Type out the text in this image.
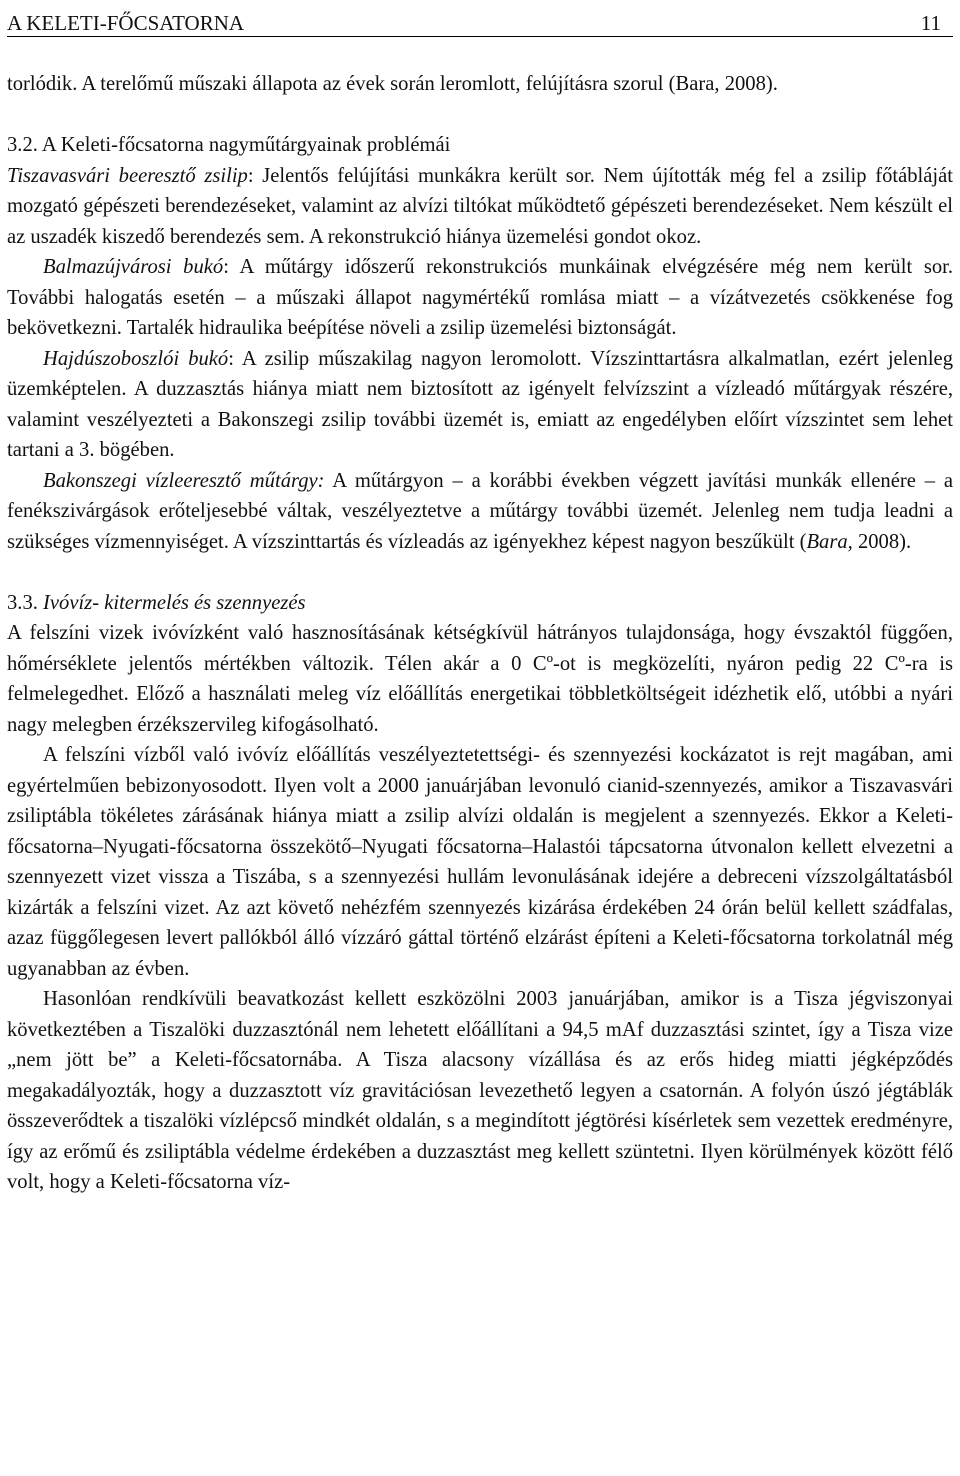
A KELETI-FŐCSATORNA	11

torlódik. A terelőmű műszaki állapota az évek során leromlott, felújításra szorul (Bara, 2008).

3.2. A Keleti-főcsatorna nagyműtárgyainak problémái

Tiszavasvári beeresztő zsilip: Jelentős felújítási munkákra került sor. Nem újították még fel a zsilip főtábláját mozgató gépészeti berendezéseket, valamint az alvízi tiltókat működtető gépészeti berendezéseket. Nem készült el az uszadék kiszedő berendezés sem. A rekonstrukció hiánya üzemelési gondot okoz.

Balmazújvárosi bukó: A műtárgy időszerű rekonstrukciós munkáinak elvégzésére még nem került sor. További halogatás esetén – a műszaki állapot nagymértékű romlása miatt – a vízátvezetés csökkenése fog bekövetkezni. Tartalék hidraulika beépítése növeli a zsilip üzemelési biztonságát.

Hajdúszoboszlói bukó: A zsilip műszakilag nagyon leromolott. Vízszinttartásra alkalmatlan, ezért jelenleg üzemképtelen. A duzzasztás hiánya miatt nem biztosított az igényelt felvízszint a vízleadó műtárgyak részére, valamint veszélyezteti a Bakonszegi zsilip további üzemét is, emiatt az engedélyben előírt vízszintet sem lehet tartani a 3. bögében.

Bakonszegi vízleeresztő műtárgy: A műtárgyon – a korábbi években végzett javítási munkák ellenére – a fenékszivárgások erőteljesebbé váltak, veszélyeztetve a műtárgy további üzemét. Jelenleg nem tudja leadni a szükséges vízmennyiséget. A vízszinttartás és vízleadás az igényekhez képest nagyon beszűkült (Bara, 2008).

3.3. Ivóvíz- kitermelés és szennyezés

A felszíni vizek ivóvízként való hasznosításának kétségkívül hátrányos tulajdonsága, hogy évszaktól függően, hőmérséklete jelentős mértékben változik. Télen akár a 0 Cº-ot is megközelíti, nyáron pedig 22 Cº-ra is felmelegedhet. Előző a használati meleg víz előállítás energetikai többletköltségeit idézhetik elő, utóbbi a nyári nagy melegben érzékszervileg kifogásolható.

A felszíni vízből való ivóvíz előállítás veszélyeztetettségi- és szennyezési kockázatot is rejt magában, ami egyértelműen bebizonyosodott. Ilyen volt a 2000 januárjában levonuló cianid-szennyezés, amikor a Tiszavasvári zsiliptábla tökéletes zárásának hiánya miatt a zsilip alvízi oldalán is megjelent a szennyezés. Ekkor a Keleti-főcsatorna–Nyugati-főcsatorna összekötő–Nyugati főcsatorna–Halastói tápcsatorna útvonalon kellett elvezetni a szennyezett vizet vissza a Tiszába, s a szennyezési hullám levonulásának idejére a debreceni vízszolgáltatásból kizárták a felszíni vizet. Az azt követő nehézfém szennyezés kizárása érdekében 24 órán belül kellett szádfalas, azaz függőlegesen levert pallókból álló vízzáró gáttal történő elzárást építeni a Keleti-főcsatorna torkolatnál még ugyanabban az évben.

Hasonlóan rendkívüli beavatkozást kellett eszközölni 2003 januárjában, amikor is a Tisza jégviszonyai következtében a Tiszalöki duzzasztónál nem lehetett előállítani a 94,5 mAf duzzasztási szintet, így a Tisza vize „nem jött be” a Keleti-főcsatornába. A Tisza alacsony vízállása és az erős hideg miatti jégképződés megakadályozták, hogy a duzzasztott víz gravitációsan levezethető legyen a csatornán. A folyón úszó jégtáblák összeverődtek a tiszalöki vízlépcső mindkét oldalán, s a megindított jégtörési kísérletek sem vezettek eredményre, így az erőmű és zsiliptábla védelme érdekében a duzzasztást meg kellett szüntetni. Ilyen körülmények között félő volt, hogy a Keleti-főcsatorna víz-
